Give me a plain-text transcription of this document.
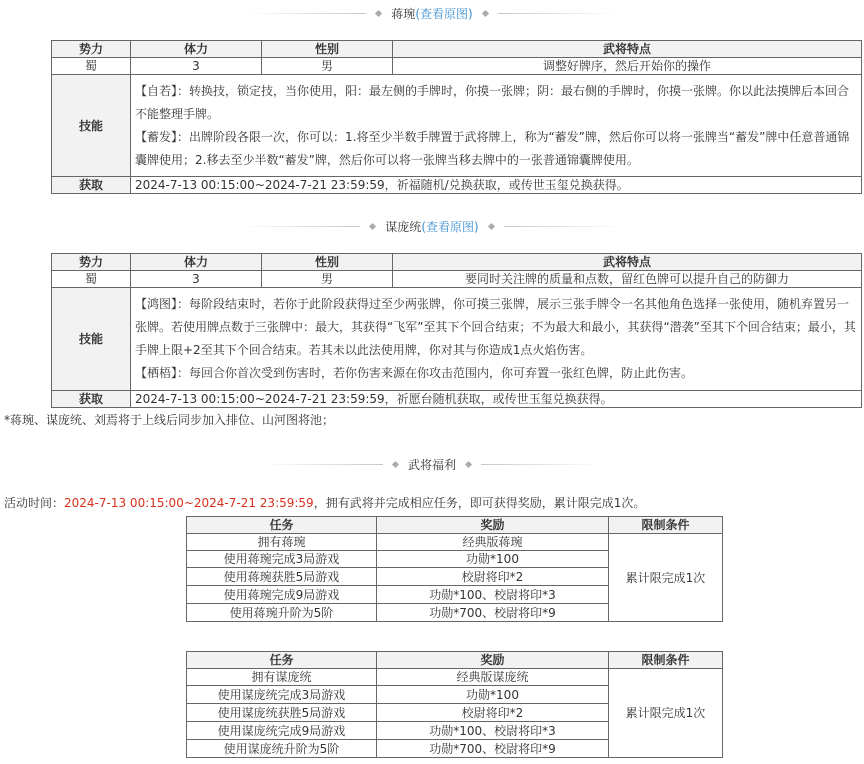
蒋琬(查看原图)
势力	体力	性别	武将特点
蜀	3	男	调整好牌序，然后开始你的操作
技能	【自若】：转换技，锁定技，当你使用，阳：最左侧的手牌时，你摸一张牌；阴：最右侧的手牌时，你摸一张牌。你以此法摸牌后本回合不能整理手牌。

【蓄发】：出牌阶段各限一次，你可以：1.将至少半数手牌置于武将牌上，称为“蓄发”牌，然后你可以将一张牌当“蓄发”牌中任意普通锦囊牌使用；2.移去至少半数“蓄发”牌，然后你可以将一张牌当移去牌中的一张普通锦囊牌使用。		

获取	2024-7-13 00:15:00~2024-7-21 23:59:59，祈福随机/兑换获取，或传世玉玺兑换获得。		
谋庞统(查看原图)
势力	体力	性别	武将特点
蜀	3	男	要同时关注牌的质量和点数，留红色牌可以提升自己的防御力
技能	【鸿图】：每阶段结束时，若你于此阶段获得过至少两张牌，你可摸三张牌，展示三张手牌令一名其他角色选择一张使用，随机弃置另一张牌。若使用牌点数于三张牌中：最大，其获得“飞军”至其下个回合结束；不为最大和最小，其获得“潜袭”至其下个回合结束；最小，其手牌上限+2至其下个回合结束。若其未以此法使用牌，你对其与你造成1点火焰伤害。

【栖梧】：每回合你首次受到伤害时，若你伤害来源在你攻击范围内，你可弃置一张红色牌，防止此伤害。		

获取	2024-7-13 00:15:00~2024-7-21 23:59:59，祈愿台随机获取，或传世玉玺兑换获得。		
*蒋琬、谋庞统、刘焉将于上线后同步加入排位、山河图将池；
武将福利
活动时间：2024-7-13 00:15:00~2024-7-21 23:59:59，拥有武将并完成相应任务，即可获得奖励，累计限完成1次。
任务	奖励	限制条件
拥有蒋琬	经典版蒋琬	累计限完成1次
使用蒋琬完成3局游戏	功勋*100	
使用蒋琬获胜5局游戏	校尉将印*2	
使用蒋琬完成9局游戏	功勋*100、校尉将印*3	
使用蒋琬升阶为5阶	功勋*700、校尉将印*9	
任务	奖励	限制条件
拥有谋庞统	经典版谋庞统	累计限完成1次
使用谋庞统完成3局游戏	功勋*100	
使用谋庞统获胜5局游戏	校尉将印*2	
使用谋庞统完成9局游戏	功勋*100、校尉将印*3	
使用谋庞统升阶为5阶	功勋*700、校尉将印*9	
